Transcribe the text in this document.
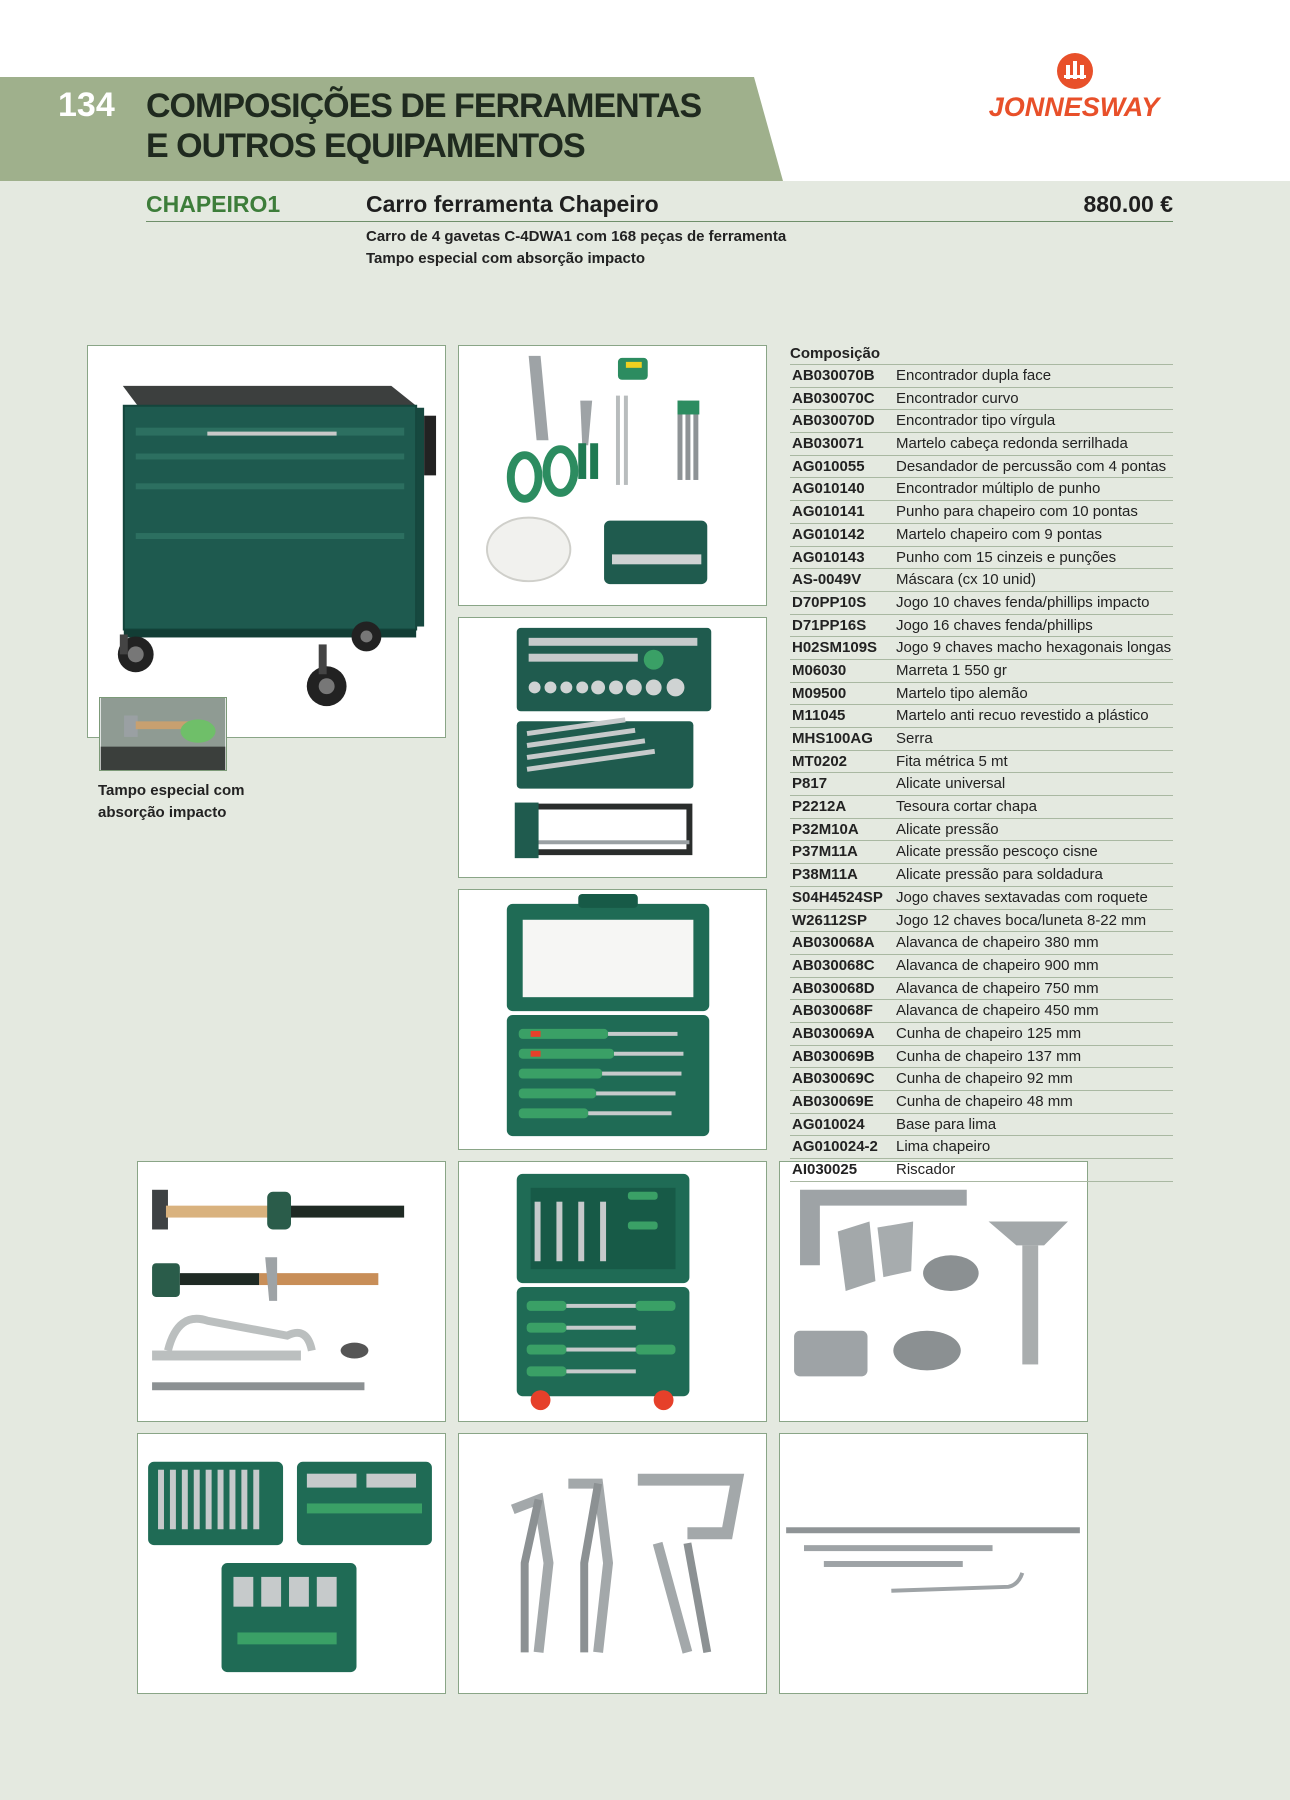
134 COMPOSIÇÕES DE FERRAMENTAS
E OUTROS EQUIPAMENTOS
JONNESWAY
CHAPEIRO1	Carro ferramenta Chapeiro	880.00 €
Carro de 4 gavetas C-4DWA1 com 168 peças de ferramenta
Tampo especial com absorção impacto
Tampo especial com
absorção impacto
Composição
AB030070B Encontrador dupla face
AB030070C Encontrador curvo
AB030070D Encontrador tipo vírgula
AB030071 Martelo cabeça redonda serrilhada
AG010055 Desandador de percussão com 4 pontas
AG010140 Encontrador múltiplo de punho
AG010141 Punho para chapeiro com 10 pontas
AG010142 Martelo chapeiro com 9 pontas
AG010143 Punho com 15 cinzeis e punções
AS-0049V Máscara (cx 10 unid)
D70PP10S Jogo 10 chaves fenda/phillips impacto
D71PP16S Jogo 16 chaves fenda/phillips
H02SM109S Jogo 9 chaves macho hexagonais longas
M06030	Marreta 1 550 gr
M09500	Martelo tipo alemão
M11045	Martelo anti recuo revestido a plástico
MHS100AG Serra
MT0202	Fita métrica 5 mt
P817	Alicate universal
P2212A	Tesoura cortar chapa
P32M10A Alicate pressão
P37M11A	Alicate pressão pescoço cisne
P38M11A	Alicate pressão para soldadura
S04H4524SP Jogo chaves sextavadas com roquete
W26112SP Jogo 12 chaves boca/luneta 8-22 mm
AB030068A Alavanca de chapeiro 380 mm
AB030068C Alavanca de chapeiro 900 mm
AB030068D Alavanca de chapeiro 750 mm
AB030068F Alavanca de chapeiro 450 mm
AB030069A Cunha de chapeiro 125 mm
AB030069B Cunha de chapeiro 137 mm
AB030069C Cunha de chapeiro 92 mm
AB030069E Cunha de chapeiro 48 mm
AG010024 Base para lima
AG010024-2 Lima chapeiro
AI030025	Riscador
